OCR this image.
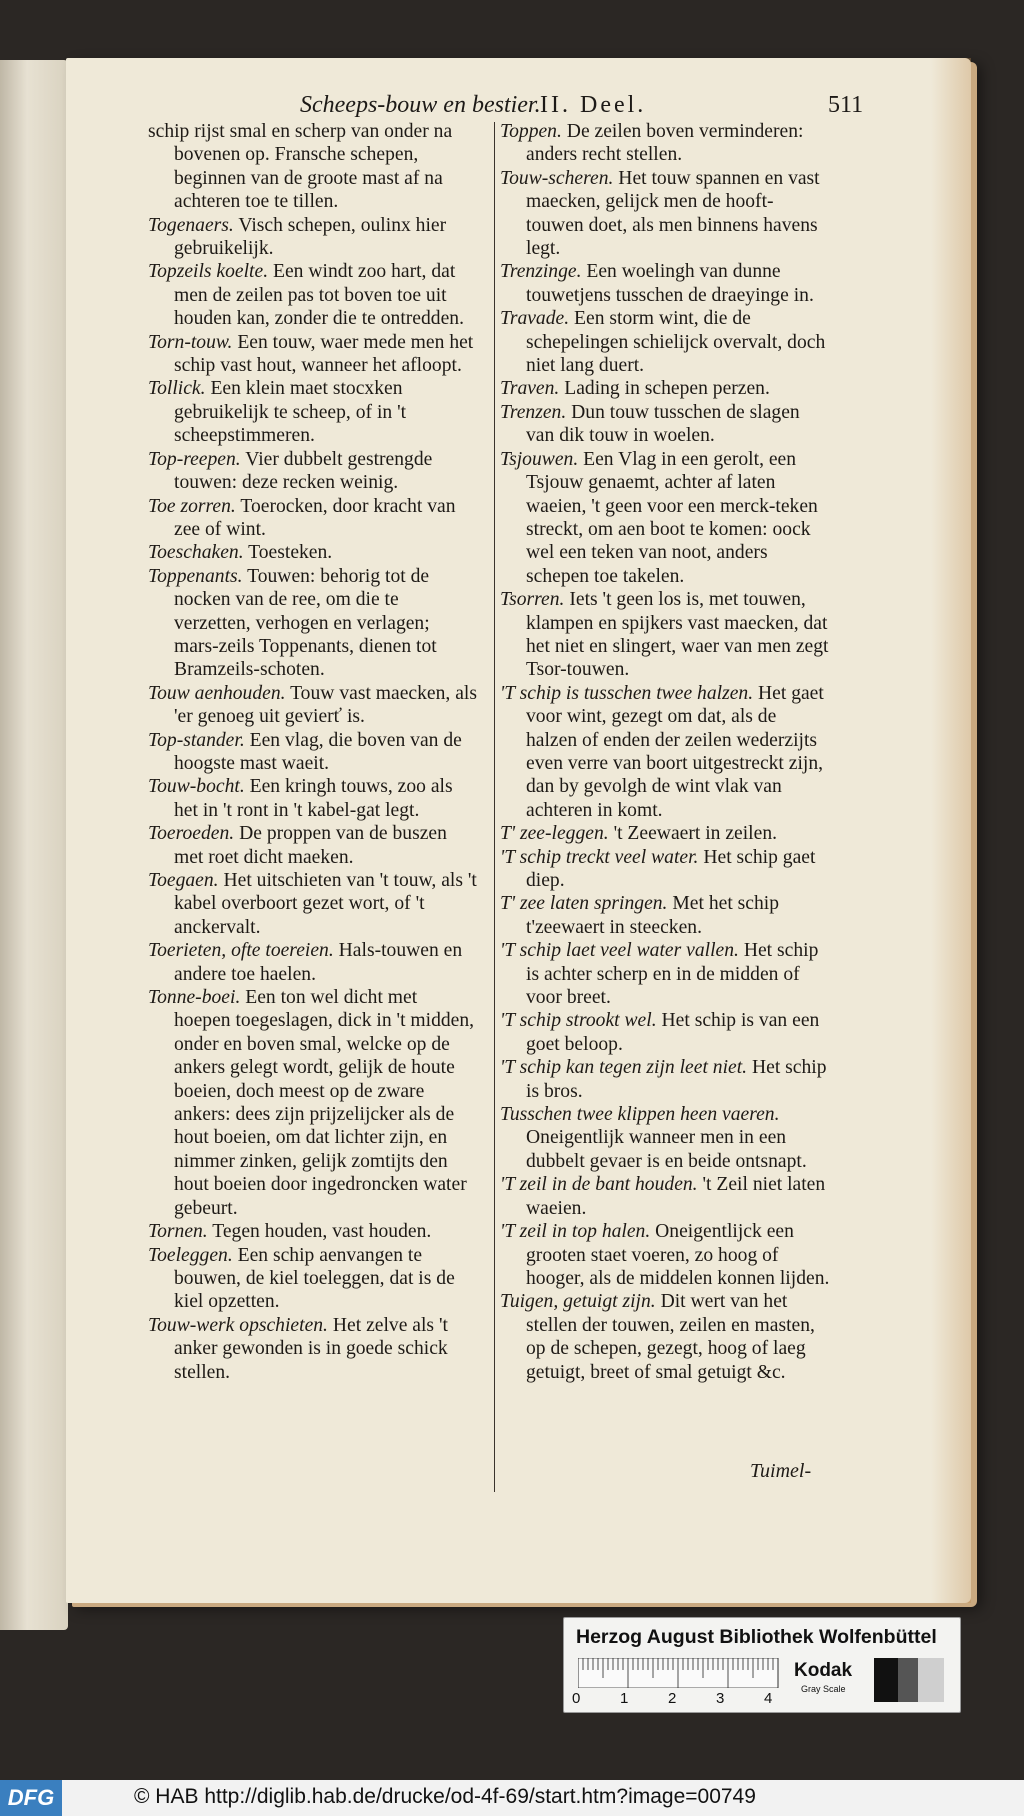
Scheeps-bouw en bestier. II. Deel.	511

schip rijst smal en scherp van onder na bovenen op. Fransche schepen, beginnen van de groote mast af na achteren toe te tillen.

Togenaers. Visch schepen, oulinx hier gebruikelijk.

Topzeils koelte. Een windt zoo hart, dat men de zeilen pas tot boven toe uit houden kan, zonder die te ontredden.

Torn-touw. Een touw, waer mede men het schip vast hout, wanneer het afloopt.

Tollick. Een klein maet stocxken gebruikelijk te scheep, of in 't scheepstimmeren.

Top-reepen. Vier dubbelt gestrengde touwen: deze recken weinig.

Toe zorren. Toerocken, door kracht van zee of wint.

Toeschaken. Toesteken.

Toppenants. Touwen: behorig tot de nocken van de ree, om die te verzetten, verhogen en verlagen; mars-zeils Toppenants, dienen tot Bramzeils-schoten.

Touw aenhouden. Touw vast maecken, als 'er genoeg uit gevierť is.

Top-stander. Een vlag, die boven van de hoogste mast waeit.

Touw-bocht. Een kringh touws, zoo als het in 't ront in 't kabel-gat legt.

Toeroeden. De proppen van de buszen met roet dicht maeken.

Toegaen. Het uitschieten van 't touw, als 't kabel overboort gezet wort, of 't anckervalt.

Toerieten, ofte toereien. Hals-touwen en andere toe haelen.

Tonne-boei. Een ton wel dicht met hoepen toegeslagen, dick in 't midden, onder en boven smal, welcke op de ankers gelegt wordt, gelijk de houte boeien, doch meest op de zware ankers: dees zijn prijzelijcker als de hout boeien, om dat lichter zijn, en nimmer zinken, gelijk zomtijts den hout boeien door ingedroncken water gebeurt.

Tornen. Tegen houden, vast houden.

Toeleggen. Een schip aenvangen te bouwen, de kiel toeleggen, dat is de kiel opzetten.

Touw-werk opschieten. Het zelve als 't anker gewonden is in goede schick stellen.

Toppen. De zeilen boven verminderen: anders recht stellen.

Touw-scheren. Het touw spannen en vast maecken, gelijck men de hooft-touwen doet, als men binnens havens legt.

Trenzinge. Een woelingh van dunne touwetjens tusschen de draeyinge in.

Travade. Een storm wint, die de schepelingen schielijck overvalt, doch niet lang duert.

Traven. Lading in schepen perzen.

Trenzen. Dun touw tusschen de slagen van dik touw in woelen.

Tsjouwen. Een Vlag in een gerolt, een Tsjouw genaemt, achter af laten waeien, 't geen voor een merck-teken streckt, om aen boot te komen: oock wel een teken van noot, anders schepen toe takelen.

Tsorren. Iets 't geen los is, met touwen, klampen en spijkers vast maecken, dat het niet en slingert, waer van men zegt Tsor-touwen.

'T schip is tusschen twee halzen. Het gaet voor wint, gezegt om dat, als de halzen of enden der zeilen wederzijts even verre van boort uitgestreckt zijn, dan by gevolgh de wint vlak van achteren in komt.

T' zee-leggen. 't Zeewaert in zeilen.

'T schip treckt veel water. Het schip gaet diep.

T' zee laten springen. Met het schip t'zeewaert in steecken.

'T schip laet veel water vallen. Het schip is achter scherp en in de midden of voor breet.

'T schip strookt wel. Het schip is van een goet beloop.

'T schip kan tegen zijn leet niet. Het schip is bros.

Tusschen twee klippen heen vaeren. Oneigentlijk wanneer men in een dubbelt gevaer is en beide ontsnapt.

'T zeil in de bant houden. 't Zeil niet laten waeien.

'T zeil in top halen. Oneigentlijck een grooten staet voeren, zo hoog of hooger, als de middelen konnen lijden.

Tuigen, getuigt zijn. Dit wert van het stellen der touwen, zeilen en masten, op de schepen, gezegt, hoog of laeg getuigt, breet of smal getuigt &c.

Tuimel-
Herzog August Bibliothek Wolfenbüttel
0	1	2	3	4
Kodak
Gray Scale
DFG	© HAB http://diglib.hab.de/drucke/od-4f-69/start.htm?image=00749
